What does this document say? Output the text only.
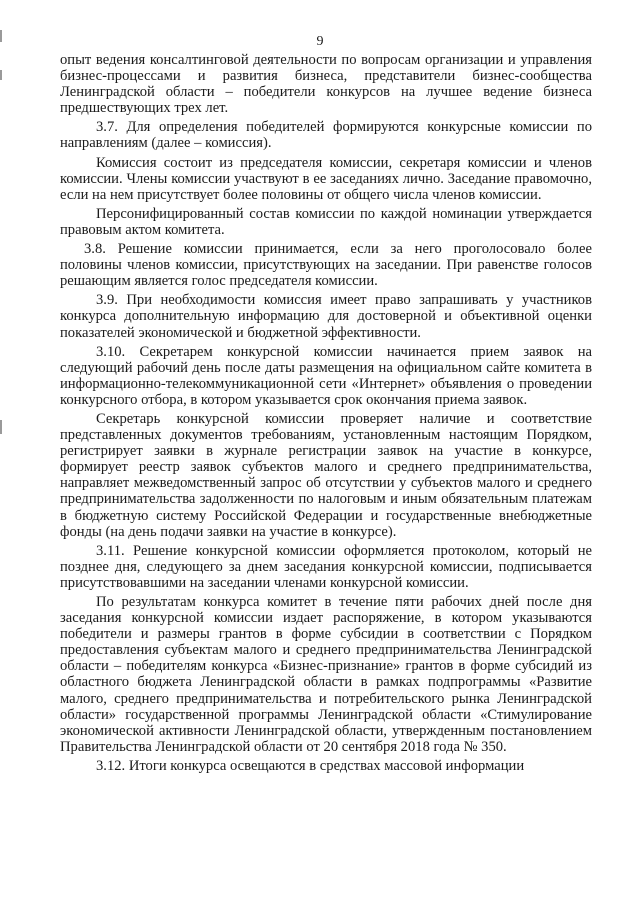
9

опыт ведения консалтинговой деятельности по вопросам организации и управления бизнес-процессами и развития бизнеса, представители бизнес-сообщества Ленинградской области – победители конкурсов на лучшее ведение бизнеса предшествующих трех лет.

3.7. Для определения победителей формируются конкурсные комиссии по направлениям (далее – комиссия).

Комиссия состоит из председателя комиссии, секретаря комиссии и членов комиссии. Члены комиссии участвуют в ее заседаниях лично. Заседание правомочно, если на нем присутствует более половины от общего числа членов комиссии.

Персонифицированный состав комиссии по каждой номинации утверждается правовым актом комитета.

3.8. Решение комиссии принимается, если за него проголосовало более половины членов комиссии, присутствующих на заседании. При равенстве голосов решающим является голос председателя комиссии.

3.9. При необходимости комиссия имеет право запрашивать у участников конкурса дополнительную информацию для достоверной и объективной оценки показателей экономической и бюджетной эффективности.

3.10. Секретарем конкурсной комиссии начинается прием заявок на следующий рабочий день после даты размещения на официальном сайте комитета в информационно-телекоммуникационной сети «Интернет» объявления о проведении конкурсного отбора, в котором указывается срок окончания приема заявок.

Секретарь конкурсной комиссии проверяет наличие и соответствие представленных документов требованиям, установленным настоящим Порядком, регистрирует заявки в журнале регистрации заявок на участие в конкурсе, формирует реестр заявок субъектов малого и среднего предпринимательства, направляет межведомственный запрос об отсутствии у субъектов малого и среднего предпринимательства задолженности по налоговым и иным обязательным платежам в бюджетную систему Российской Федерации и государственные внебюджетные фонды (на день подачи заявки на участие в конкурсе).

3.11. Решение конкурсной комиссии оформляется протоколом, который не позднее дня, следующего за днем заседания конкурсной комиссии, подписывается присутствовавшими на заседании членами конкурсной комиссии.

По результатам конкурса комитет в течение пяти рабочих дней после дня заседания конкурсной комиссии издает распоряжение, в котором указываются победители и размеры грантов в форме субсидии в соответствии с Порядком предоставления субъектам малого и среднего предпринимательства Ленинградской области – победителям конкурса «Бизнес-признание» грантов в форме субсидий из областного бюджета Ленинградской области в рамках подпрограммы «Развитие малого, среднего предпринимательства и потребительского рынка Ленинградской области» государственной программы Ленинградской области «Стимулирование экономической активности Ленинградской области, утвержденным постановлением Правительства Ленинградской области от 20 сентября 2018 года № 350.

3.12. Итоги конкурса освещаются в средствах массовой информации
